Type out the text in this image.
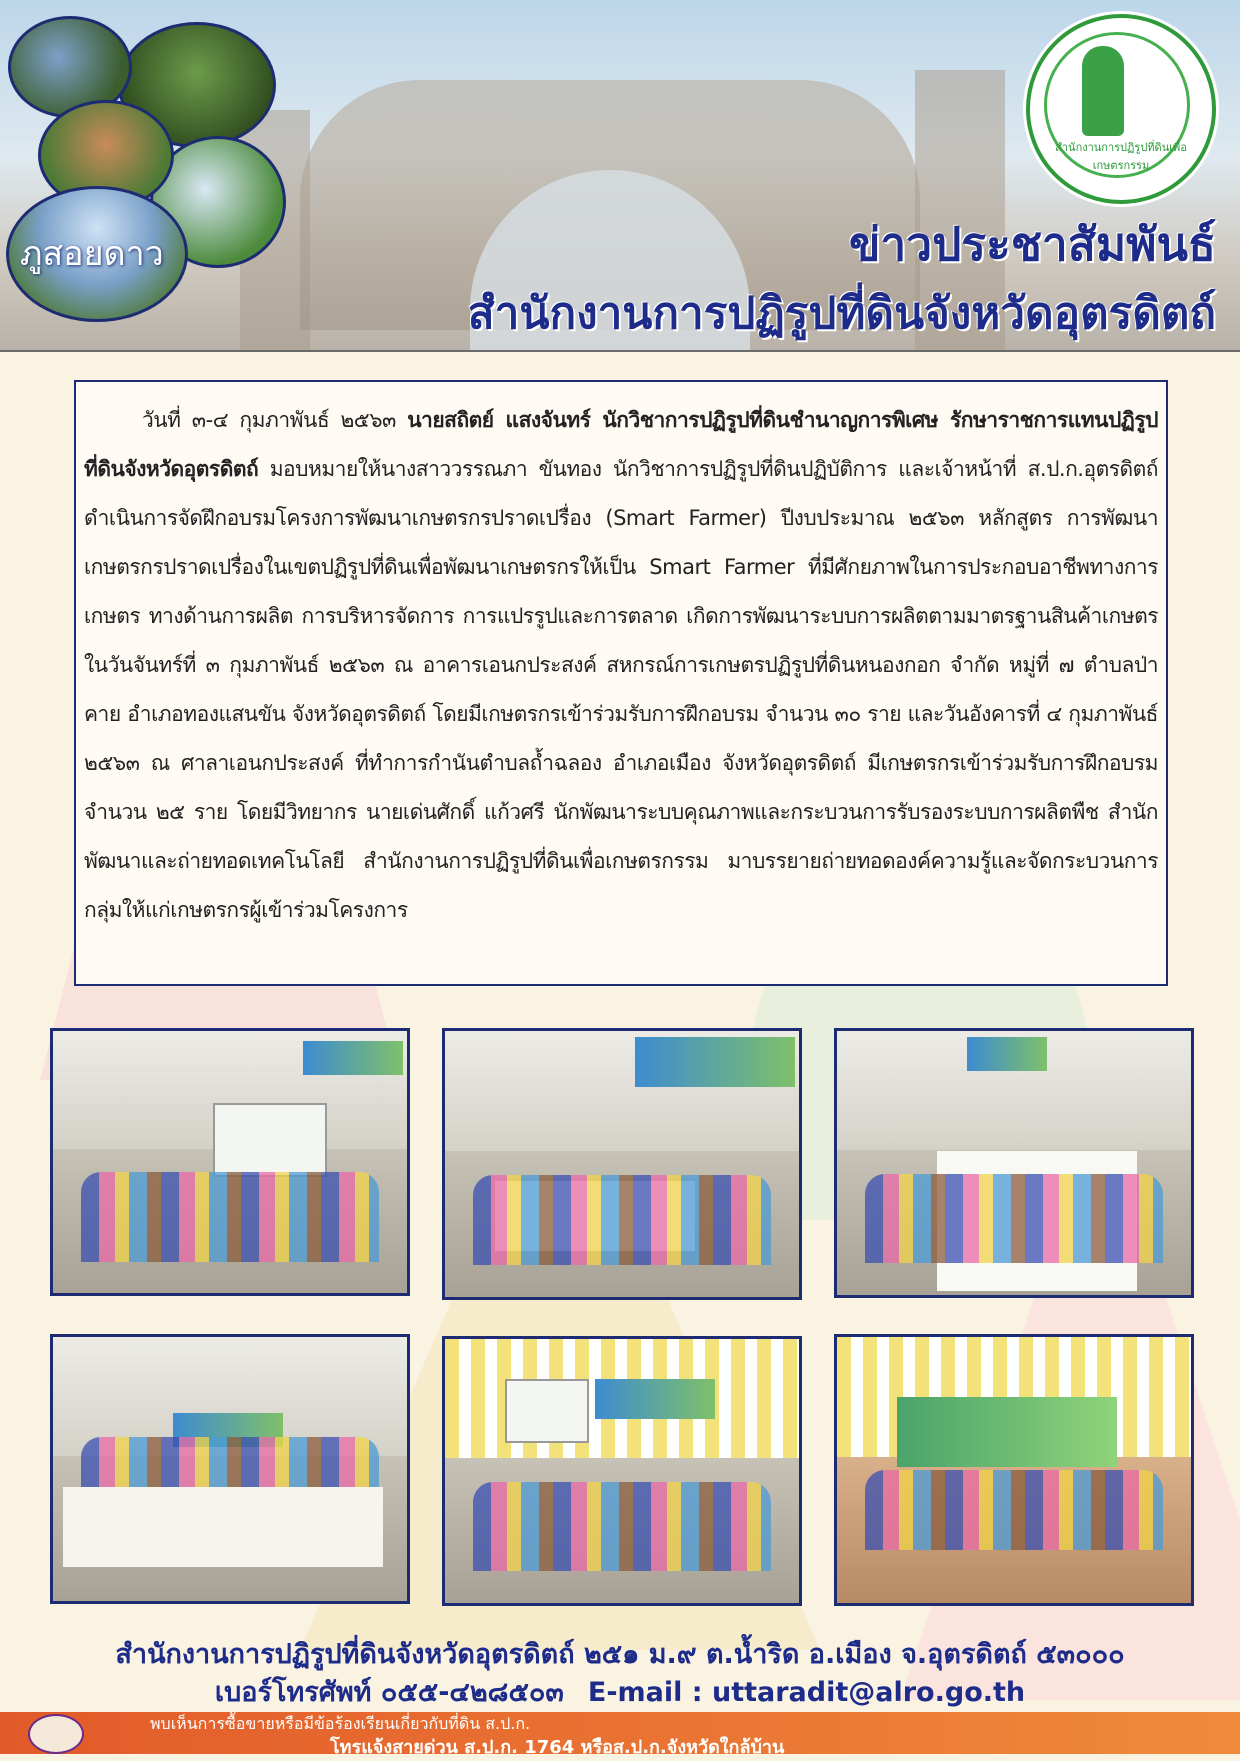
ภูสอยดาว
สำนักงานการปฏิรูปที่ดินเพื่อเกษตรกรรม
ข่าวประชาสัมพันธ์
สำนักงานการปฏิรูปที่ดินจังหวัดอุตรดิตถ์

วันที่ ๓-๔ กุมภาพันธ์ ๒๕๖๓ นายสถิตย์ แสงจันทร์ นักวิชาการปฏิรูปที่ดินชำนาญการพิเศษ รักษาราชการแทนปฏิรูปที่ดินจังหวัดอุตรดิตถ์ มอบหมายให้นางสาววรรณภา ขันทอง นักวิชาการปฏิรูปที่ดินปฏิบัติการ และเจ้าหน้าที่ ส.ป.ก.อุตรดิตถ์ ดำเนินการจัดฝึกอบรมโครงการพัฒนาเกษตรกรปราดเปรื่อง (Smart Farmer) ปีงบประมาณ ๒๕๖๓ หลักสูตร การพัฒนาเกษตรกรปราดเปรื่องในเขตปฏิรูปที่ดินเพื่อพัฒนาเกษตรกรให้เป็น Smart Farmer ที่มีศักยภาพในการประกอบอาชีพทางการเกษตร ทางด้านการผลิต การบริหารจัดการ การแปรรูปและการตลาด เกิดการพัฒนาระบบการผลิตตามมาตรฐานสินค้าเกษตร ในวันจันทร์ที่ ๓ กุมภาพันธ์ ๒๕๖๓ ณ อาคารเอนกประสงค์ สหกรณ์การเกษตรปฏิรูปที่ดินหนองกอก จำกัด หมู่ที่ ๗ ตำบลป่าคาย อำเภอทองแสนขัน จังหวัดอุตรดิตถ์ โดยมีเกษตรกรเข้าร่วมรับการฝึกอบรม จำนวน ๓๐ ราย และวันอังคารที่ ๔ กุมภาพันธ์ ๒๕๖๓ ณ ศาลาเอนกประสงค์ ที่ทำการกำนันตำบลถ้ำฉลอง อำเภอเมือง จังหวัดอุตรดิตถ์ มีเกษตรกรเข้าร่วมรับการฝึกอบรม จำนวน ๒๕ ราย โดยมีวิทยากร นายเด่นศักดิ์ แก้วศรี นักพัฒนาระบบคุณภาพและกระบวนการรับรองระบบการผลิตพืช สำนักพัฒนาและถ่ายทอดเทคโนโลยี สำนักงานการปฏิรูปที่ดินเพื่อเกษตรกรรม มาบรรยายถ่ายทอดองค์ความรู้และจัดกระบวนการกลุ่มให้แก่เกษตรกรผู้เข้าร่วมโครงการ

สำนักงานการปฏิรูปที่ดินจังหวัดอุตรดิตถ์ ๒๕๑ ม.๙ ต.น้ำริด อ.เมือง จ.อุตรดิตถ์ ๕๓๐๐๐
เบอร์โทรศัพท์ ๐๕๕-๔๒๘๕๐๓ E-mail : uttaradit@alro.go.th
พบเห็นการซื้อขายหรือมีข้อร้องเรียนเกี่ยวกับที่ดิน ส.ป.ก.
โทรแจ้งสายด่วน ส.ป.ก. 1764 หรือส.ป.ก.จังหวัดใกล้บ้าน
